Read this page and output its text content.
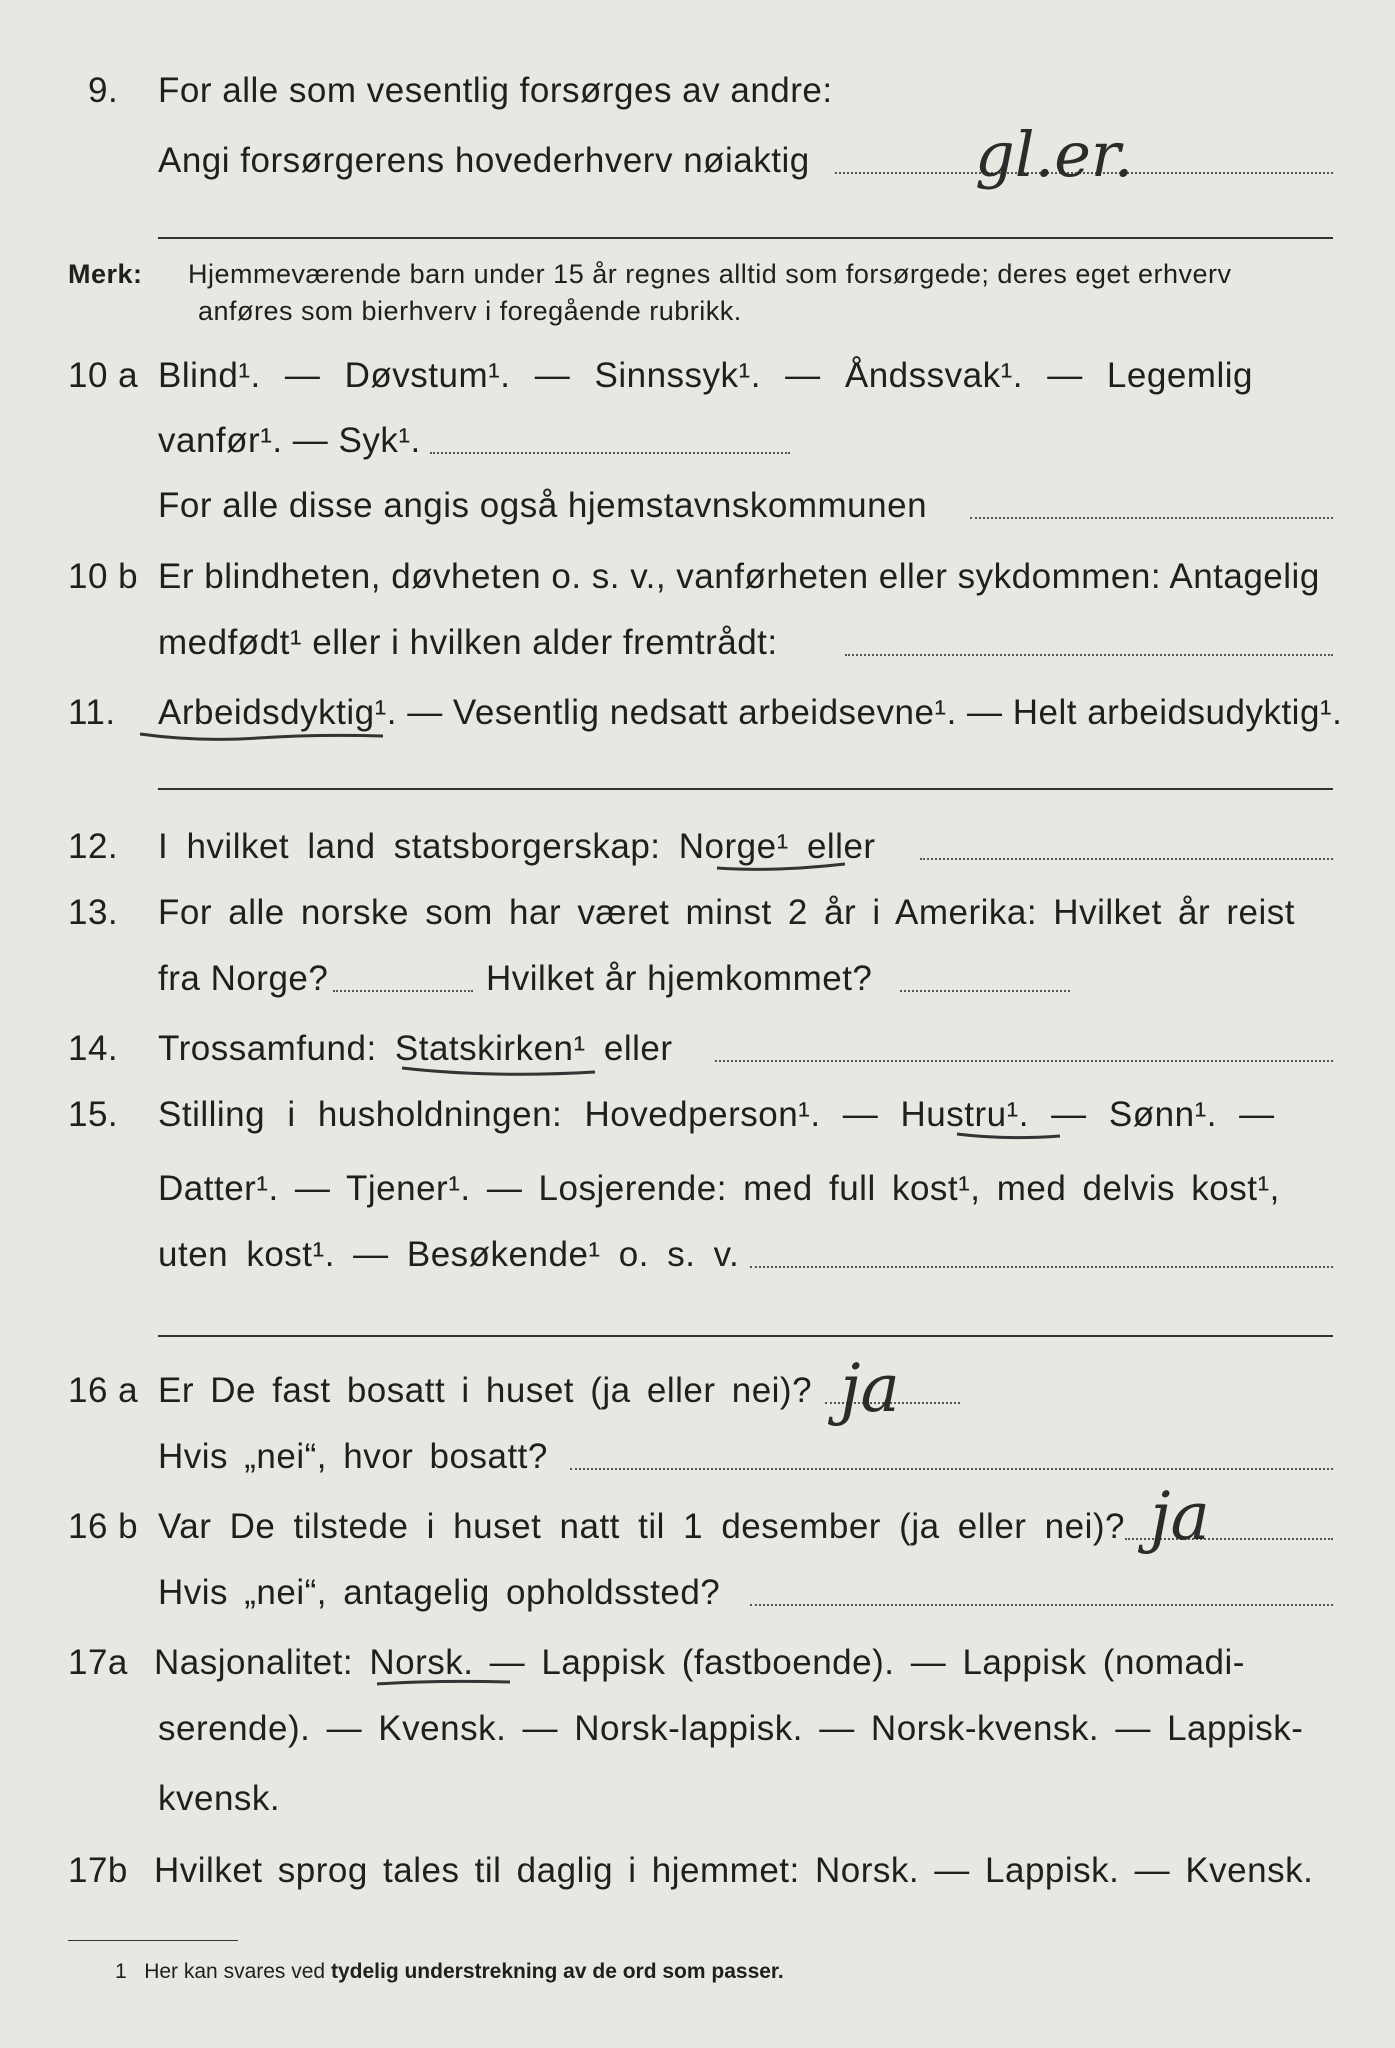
9. For alle som vesentlig forsørges av andre:
Angi forsørgerens hovederhverv nøiaktig	gl.er.
Merk: Hjemmeværende barn under 15 år regnes alltid som forsørgede; deres eget erhverv
anføres som bierhverv i foregående rubrikk.
10 a Blind¹. — Døvstum¹. — Sinnssyk¹. — Åndssvak¹. — Legemlig
vanfør¹. — Syk¹.
For alle disse angis også hjemstavnskommunen
10 b Er blindheten, døvheten o. s. v., vanførheten eller sykdommen: Antagelig
medfødt¹ eller i hvilken alder fremtrådt:
11. Arbeidsdyktig¹. — Vesentlig nedsatt arbeidsevne¹. — Helt arbeidsudyktig¹.
12. I hvilket land statsborgerskap: Norge¹ eller
13. For alle norske som har været minst 2 år i Amerika: Hvilket år reist
fra Norge?	Hvilket år hjemkommet?
14. Trossamfund: Statskirken¹ eller
15. Stilling i husholdningen: Hovedperson¹. — Hustru¹. — Sønn¹. —
Datter¹. — Tjener¹. — Losjerende: med full kost¹, med delvis kost¹,
uten kost¹. — Besøkende¹ o. s. v.
16 a Er De fast bosatt i huset (ja eller nei)? ja
Hvis „nei“, hvor bosatt?
16 b Var De tilstede i huset natt til 1 desember (ja eller nei)? ja
Hvis „nei“, antagelig opholdssted?
17a Nasjonalitet: Norsk. — Lappisk (fastboende). — Lappisk (nomadi-
serende). — Kvensk. — Norsk-lappisk. — Norsk-kvensk. — Lappisk-
kvensk.
17b Hvilket sprog tales til daglig i hjemmet: Norsk. — Lappisk. — Kvensk.
1 Her kan svares ved tydelig understrekning av de ord som passer.
